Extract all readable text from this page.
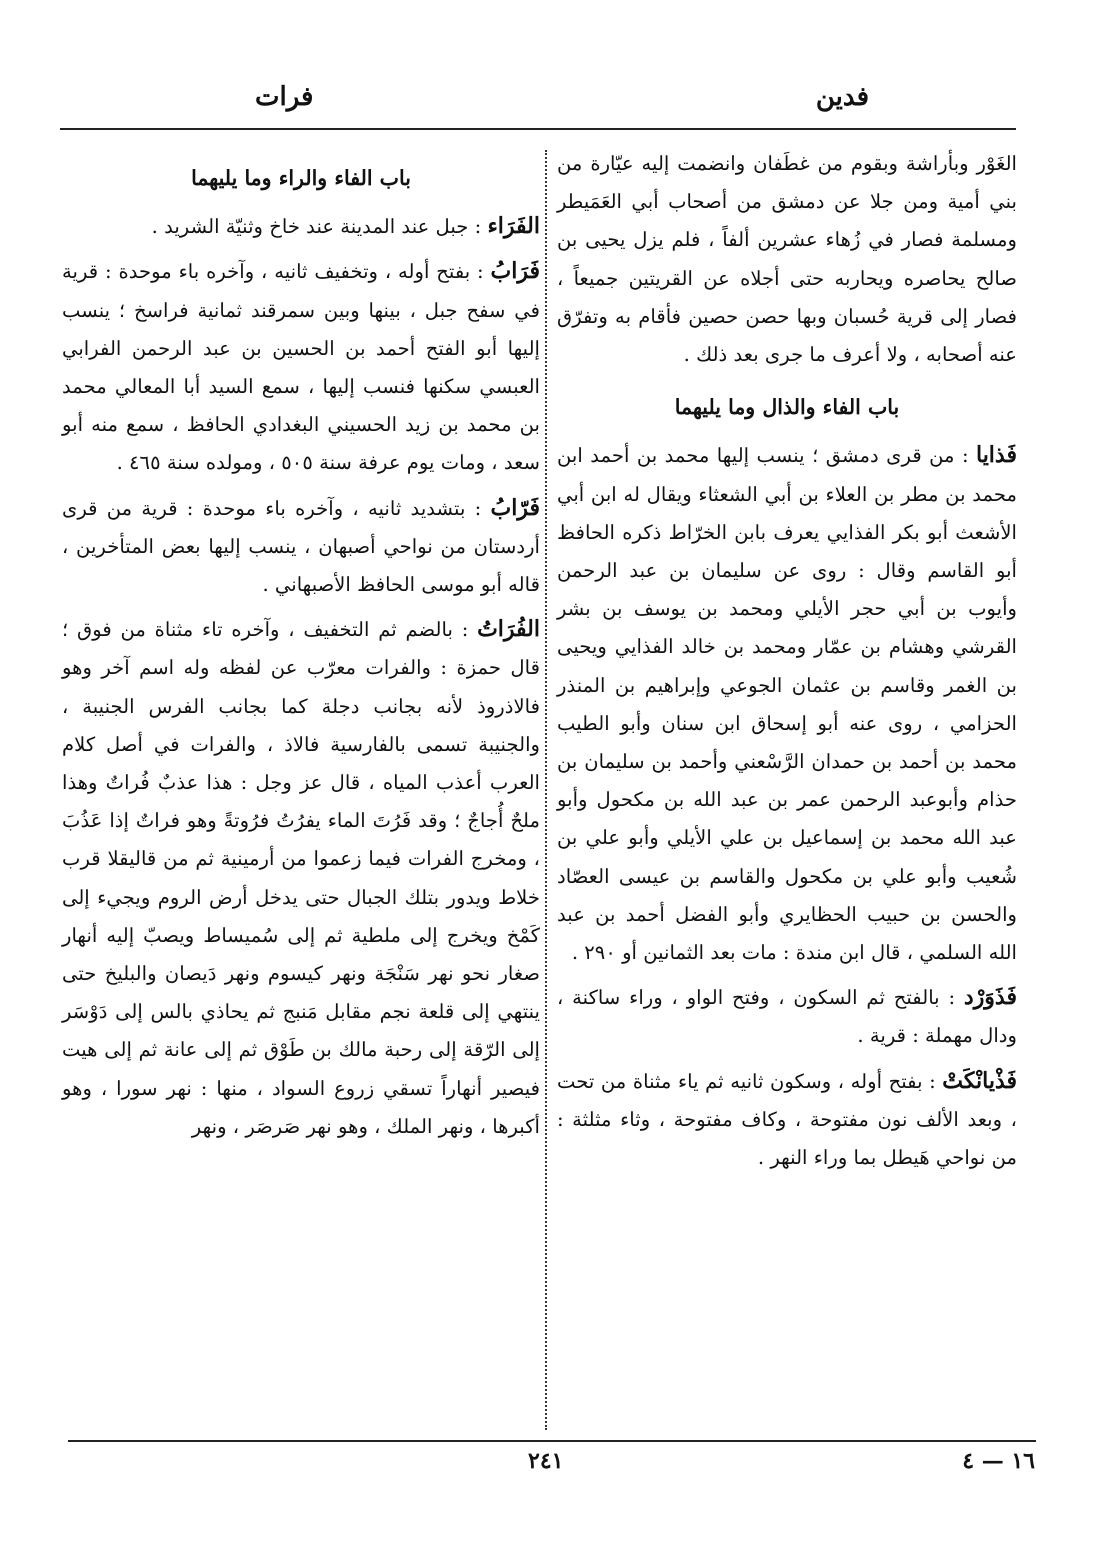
فدين
فرات

الغَوْر وبأراشة وبقوم من غطَفان وانضمت إليه عيّارة من بني أمية ومن جلا عن دمشق من أصحاب أبي العَمَيطر ومسلمة فصار في زُهاء عشرين ألفاً ، فلم يزل يحيى بن صالح يحاصره ويحاربه حتى أجلاه عن القريتين جميعاً ، فصار إلى قرية حُسبان وبها حصن حصين فأقام به وتفرّق عنه أصحابه ، ولا أعرف ما جرى بعد ذلك .

باب الفاء والذال وما يليهما

فَذايا : من قرى دمشق ؛ ينسب إليها محمد بن أحمد ابن محمد بن مطر بن العلاء بن أبي الشعثاء ويقال له ابن أبي الأشعث أبو بكر الفذايي يعرف بابن الخرّاط ذكره الحافظ أبو القاسم وقال : روى عن سليمان بن عبد الرحمن وأيوب بن أبي حجر الأيلي ومحمد بن يوسف بن بشر القرشي وهشام بن عمّار ومحمد بن خالد الفذايي ويحيى بن الغمر وقاسم بن عثمان الجوعي وإبراهيم بن المنذر الحزامي ، روى عنه أبو إسحاق ابن سنان وأبو الطيب محمد بن أحمد بن حمدان الرَّسْعني وأحمد بن سليمان بن حذام وأبوعبد الرحمن عمر بن عبد الله بن مكحول وأبو عبد الله محمد بن إسماعيل بن علي الأيلي وأبو علي بن شُعيب وأبو علي بن مكحول والقاسم بن عيسى العصّاد والحسن بن حبيب الحظايري وأبو الفضل أحمد بن عبد الله السلمي ، قال ابن مندة : مات بعد الثمانين أو ٢٩٠ .

فَذَوَرْد : بالفتح ثم السكون ، وفتح الواو ، وراء ساكنة ، ودال مهملة : قرية .

فَذْيانْكَتْ : بفتح أوله ، وسكون ثانيه ثم ياء مثناة من تحت ، وبعد الألف نون مفتوحة ، وكاف مفتوحة ، وثاء مثلثة : من نواحي هَيطل بما وراء النهر .

باب الفاء والراء وما يليهما

الفَرَاء : جبل عند المدينة عند خاخ وثنيّة الشريد .

فَرَابُ : بفتح أوله ، وتخفيف ثانيه ، وآخره باء موحدة : قرية في سفح جبل ، بينها وبين سمرقند ثمانية فراسخ ؛ ينسب إليها أبو الفتح أحمد بن الحسين بن عبد الرحمن الفرابي العبسي سكنها فنسب إليها ، سمع السيد أبا المعالي محمد بن محمد بن زيد الحسيني البغدادي الحافظ ، سمع منه أبو سعد ، ومات يوم عرفة سنة ٥٠٥ ، ومولده سنة ٤٦٥ .

فَرّابُ : بتشديد ثانيه ، وآخره باء موحدة : قرية من قرى أردستان من نواحي أصبهان ، ينسب إليها بعض المتأخرين ، قاله أبو موسى الحافظ الأصبهاني .

الفُرَاتُ : بالضم ثم التخفيف ، وآخره تاء مثناة من فوق ؛ قال حمزة : والفرات معرّب عن لفظه وله اسم آخر وهو فالاذروذ لأنه بجانب دجلة كما بجانب الفرس الجنيبة ، والجنيبة تسمى بالفارسية فالاذ ، والفرات في أصل كلام العرب أعذب المياه ، قال عز وجل : هذا عذبٌ فُراتٌ وهذا ملحٌ أُجاجٌ ؛ وقد فَرُتَ الماء يفرُتُ فرُوتةً وهو فراتٌ إذا عَذُبَ ، ومخرج الفرات فيما زعموا من أرمينية ثم من قاليقلا قرب خلاط ويدور بتلك الجبال حتى يدخل أرض الروم ويجيء إلى كَمْخ ويخرج إلى ملطية ثم إلى سُميساط ويصبّ إليه أنهار صغار نحو نهر سَنْجَة ونهر كيسوم ونهر دَيصان والبليخ حتى ينتهي إلى قلعة نجم مقابل مَنبج ثم يحاذي بالس إلى دَوْسَر إلى الرّقة إلى رحبة مالك بن طَوْق ثم إلى عانة ثم إلى هيت فيصير أنهاراً تسقي زروع السواد ، منها : نهر سورا ، وهو أكبرها ، ونهر الملك ، وهو نهر صَرصَر ، ونهر

٢٤١	١٦ — ٤
